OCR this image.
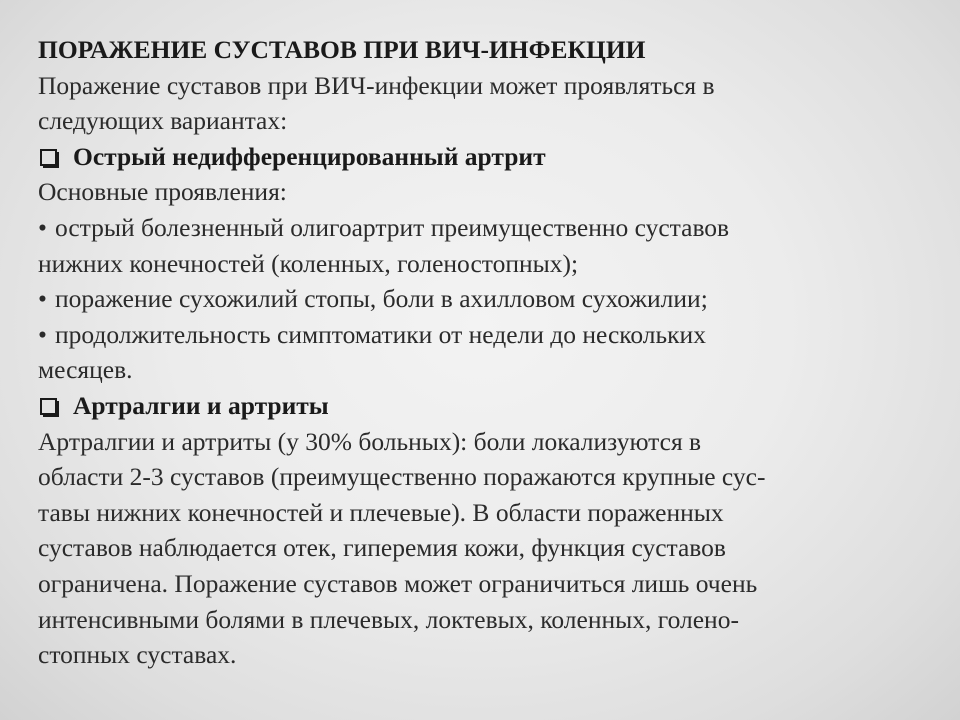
ПОРАЖЕНИЕ СУСТАВОВ ПРИ ВИЧ-ИНФЕКЦИИ
Поражение суставов при ВИЧ-инфекции может проявляться в
следующих вариантах:
Острый недифференцированный артрит
Основные проявления:
• острый болезненный олигоартрит преимущественно суставов
нижних конечностей (коленных, голеностопных);
• поражение сухожилий стопы, боли в ахилловом сухожилии;
• продолжительность симптоматики от недели до нескольких
месяцев.
Артралгии и артриты
Артралгии и артриты (у 30% больных): боли локализуются в
области 2-3 суставов (преимущественно поражаются крупные сус-
тавы нижних конечностей и плечевые). В области пораженных
суставов наблюдается отек, гиперемия кожи, функция суставов
ограничена. Поражение суставов может ограничиться лишь очень
интенсивными болями в плечевых, локтевых, коленных, голено-
стопных суставах.
